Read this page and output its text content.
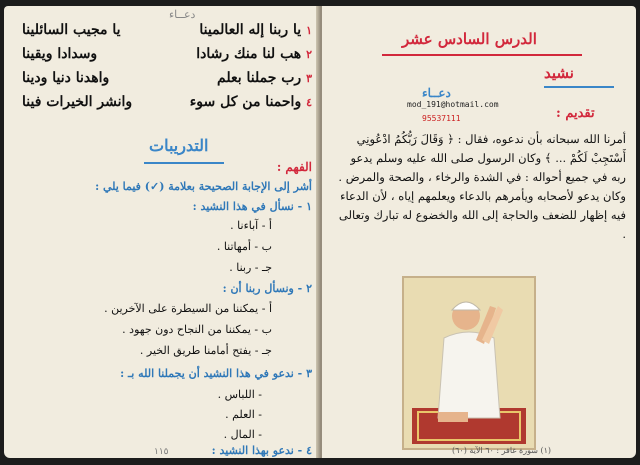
دعــاء
١ يا ربنا إله العالمينا
يا مجيب السائلينا
٢ هب لنا منك رشادا
وسدادا ويقينا
٣ رب جملنا بعلم
واهدنا دنيا ودينا
٤ واحمنا من كل سوء
وانشر الخيرات فينا
التدريبات
الفهم :
أشر إلى الإجابة الصحيحة بعلامة (✓) فيما يلي :
١ - نسأل في هذا النشيد :
أ - آباءنا .
ب - أمهاتنا .
جـ - ربنا .
٢ - ونسأل ربنا أن :
أ - يمكننا من السيطرة على الآخرين .
ب - يمكننا من النجاح دون جهود .
جـ - يفتح أمامنا طريق الخير .
٣ - ندعو في هذا النشيد أن يجملنا الله بـ :
- اللباس .
- العلم .
- المال .
٤ - ندعو بهذا النشيد :
١١٥
الدرس السادس عشر
نشيد
دعــاء
mod_191@hotmail.com
95537111	تقديم :
أمرنا الله سبحانه بأن ندعوه، فقال : ﴿ وَقَالَ رَبُّكُمُ ادْعُونِي أَسْتَجِبْ لَكُمْ ... ﴾ وكان الرسول صلى الله عليه وسلم يدعو ربه في جميع أحواله : في الشدة والرخاء ، والصحة والمرض . وكان يدعو لأصحابه ويأمرهم بالدعاء ويعلمهم إياه ، لأن الدعاء فيه إظهار للضعف والحاجة إلى الله والخضوع له تبارك وتعالى .
(١) سورة غافر : ٦٠ الآية (٦٠)
